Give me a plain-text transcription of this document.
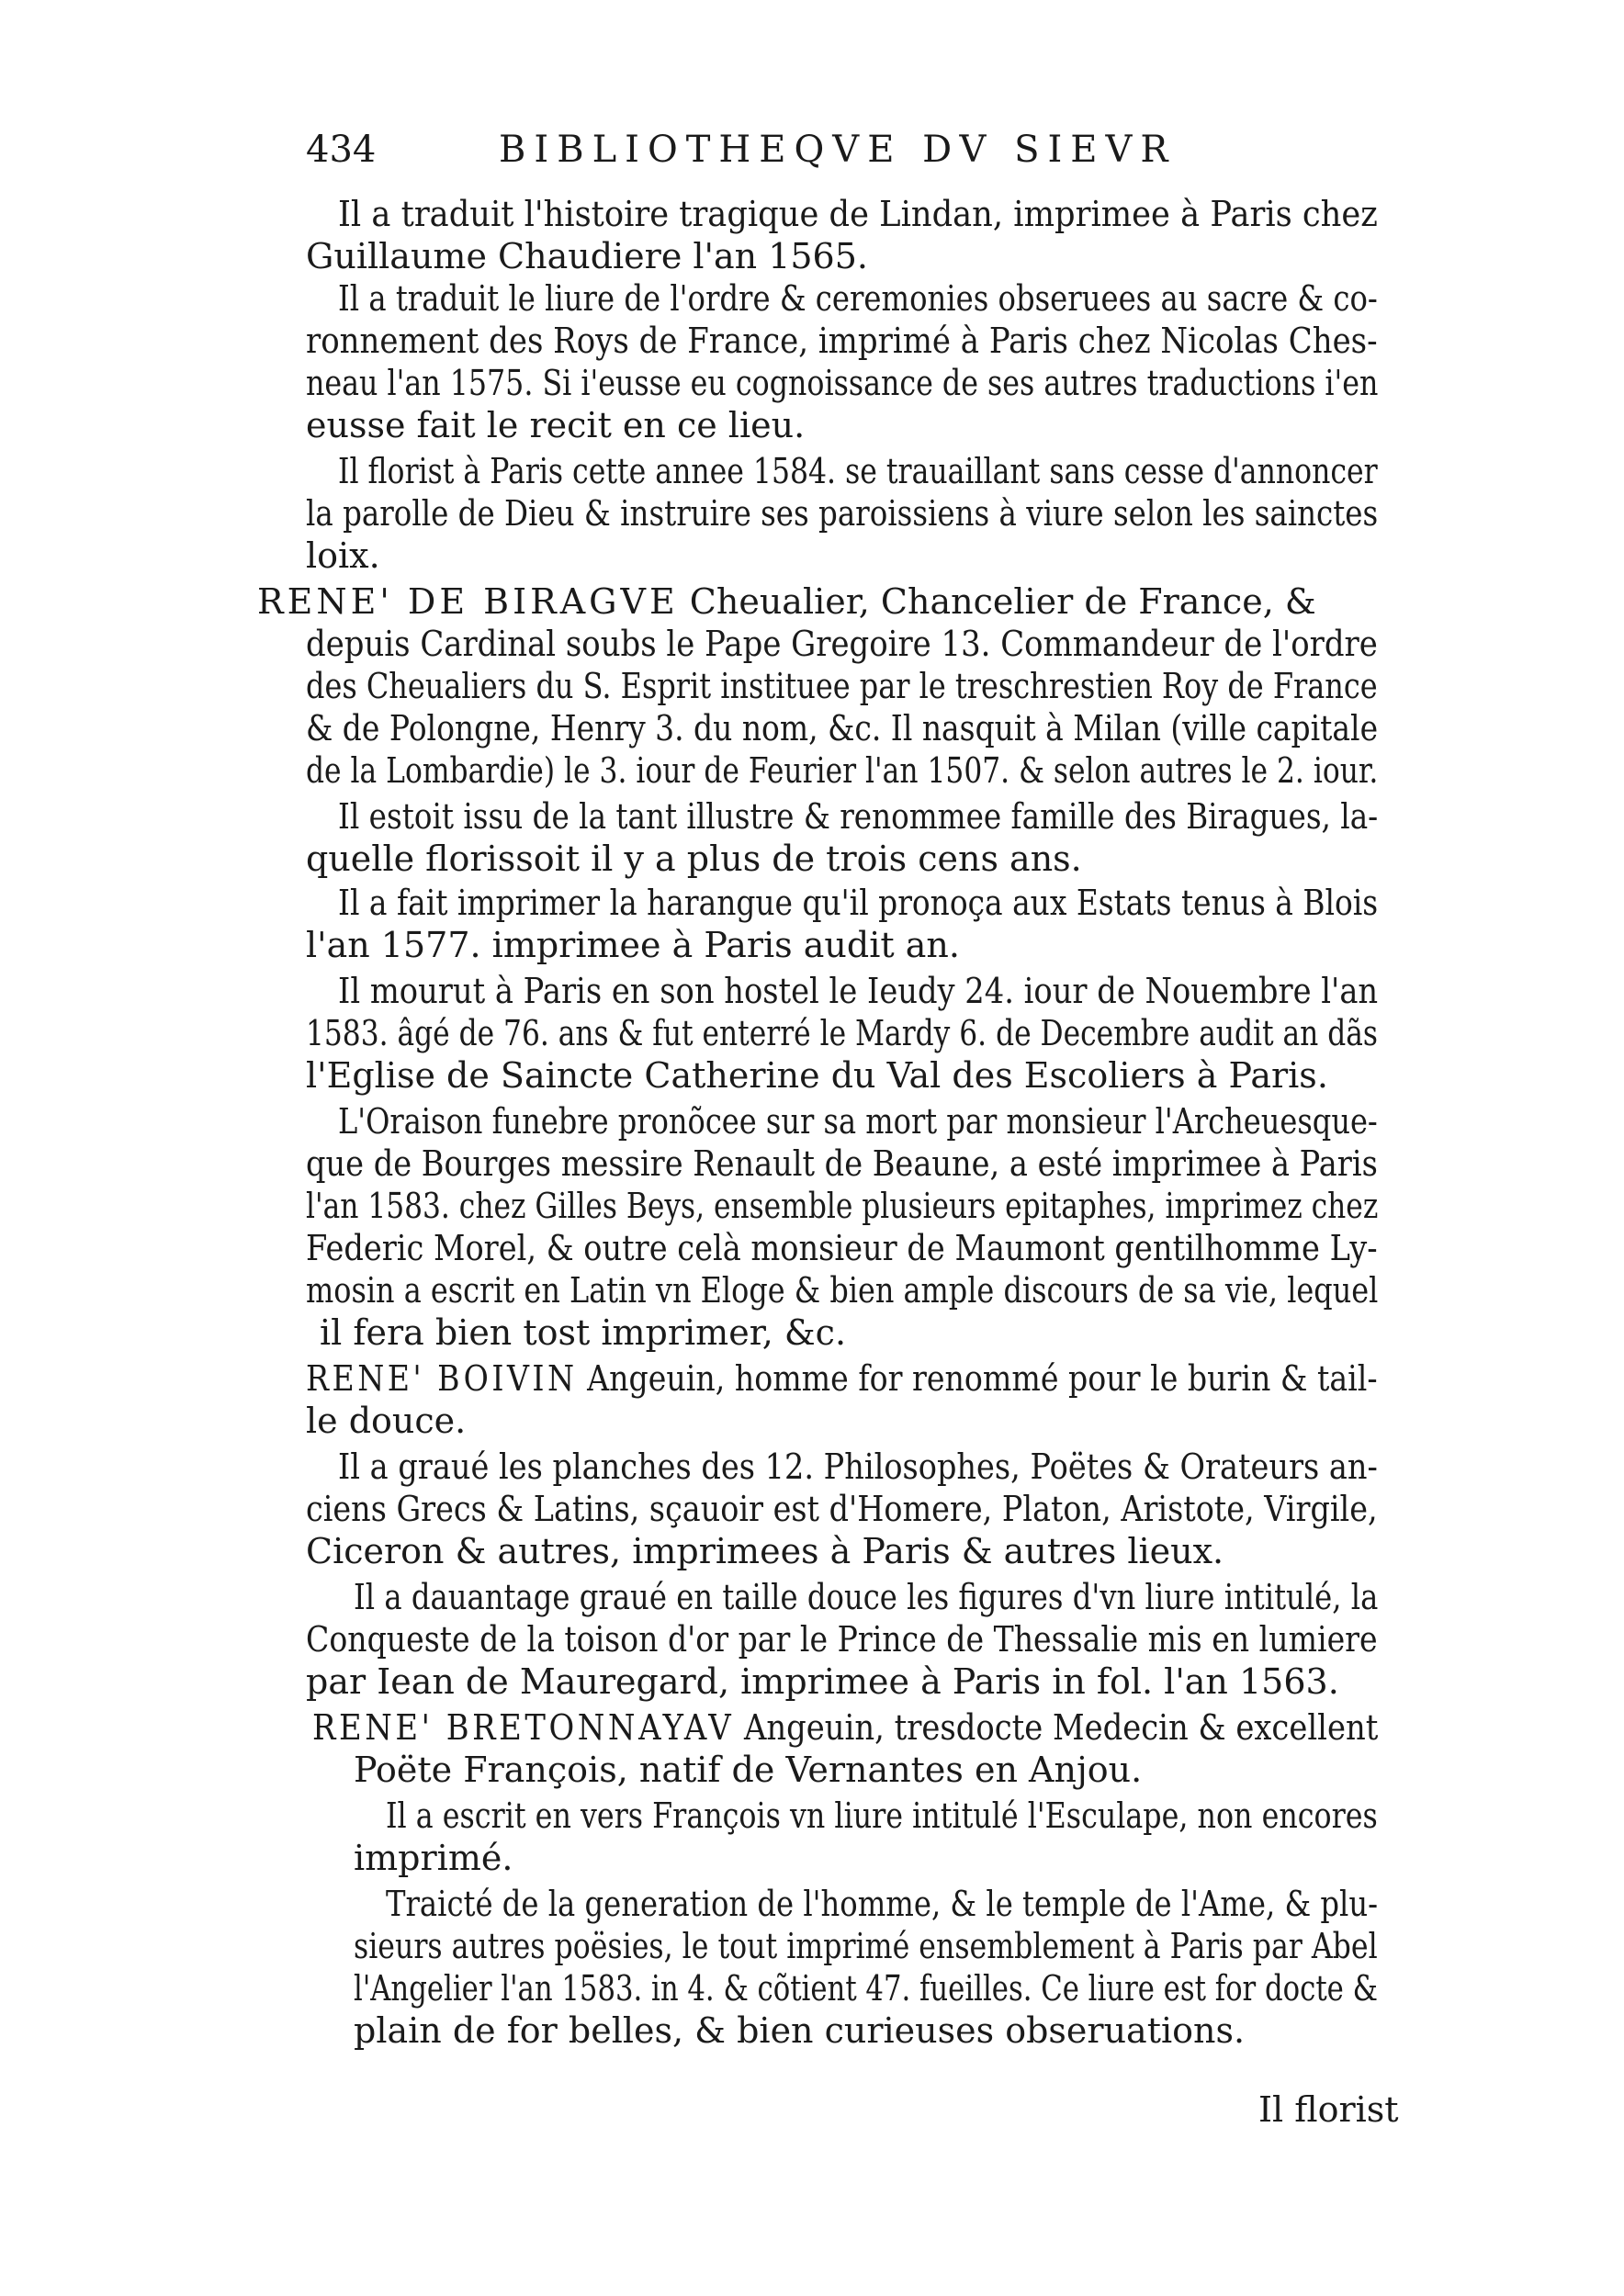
434	BIBLIOTHEQVE DV SIEVR
Il a traduit l'histoire tragique de Lindan, imprimee à Paris chez
Guillaume Chaudiere l'an 1565.
Il a traduit le liure de l'ordre & ceremonies obseruees au sacre & co-
ronnement des Roys de France, imprimé à Paris chez Nicolas Ches-
neau l'an 1575. Si i'eusse eu cognoissance de ses autres traductions i'en
eusse fait le recit en ce lieu.
Il florist à Paris cette annee 1584. se trauaillant sans cesse d'annoncer
la parolle de Dieu & instruire ses paroissiens à viure selon les sainctes
loix.
RENE' DE BIRAGVE Cheualier, Chancelier de France, &
depuis Cardinal soubs le Pape Gregoire 13. Commandeur de l'ordre
des Cheualiers du S. Esprit instituee par le treschrestien Roy de France
& de Polongne, Henry 3. du nom, &c. Il nasquit à Milan (ville capitale
de la Lombardie) le 3. iour de Feurier l'an 1507. & selon autres le 2. iour.
Il estoit issu de la tant illustre & renommee famille des Biragues, la-
quelle florissoit il y a plus de trois cens ans.
Il a fait imprimer la harangue qu'il pronoça aux Estats tenus à Blois
l'an 1577. imprimee à Paris audit an.
Il mourut à Paris en son hostel le Ieudy 24. iour de Nouembre l'an
1583. âgé de 76. ans & fut enterré le Mardy 6. de Decembre audit an dãs
l'Eglise de Saincte Catherine du Val des Escoliers à Paris.
L'Oraison funebre pronõcee sur sa mort par monsieur l'Archeuesque-
que de Bourges messire Renault de Beaune, a esté imprimee à Paris
l'an 1583. chez Gilles Beys, ensemble plusieurs epitaphes, imprimez chez
Federic Morel, & outre celà monsieur de Maumont gentilhomme Ly-
mosin a escrit en Latin vn Eloge & bien ample discours de sa vie, lequel
il fera bien tost imprimer, &c.
RENE' BOIVIN Angeuin, homme for renommé pour le burin & tail-
le douce.
Il a graué les planches des 12. Philosophes, Poëtes & Orateurs an-
ciens Grecs & Latins, sçauoir est d'Homere, Platon, Aristote, Virgile,
Ciceron & autres, imprimees à Paris & autres lieux.
Il a dauantage graué en taille douce les figures d'vn liure intitulé, la
Conqueste de la toison d'or par le Prince de Thessalie mis en lumiere
par Iean de Mauregard, imprimee à Paris in fol. l'an 1563.
RENE' BRETONNAYAV Angeuin, tresdocte Medecin & excellent
Poëte François, natif de Vernantes en Anjou.
Il a escrit en vers François vn liure intitulé l'Esculape, non encores
imprimé.
Traicté de la generation de l'homme, & le temple de l'Ame, & plu-
sieurs autres poësies, le tout imprimé ensemblement à Paris par Abel
l'Angelier l'an 1583. in 4. & cõtient 47. fueilles. Ce liure est for docte &
plain de for belles, & bien curieuses obseruations.
Il florist
